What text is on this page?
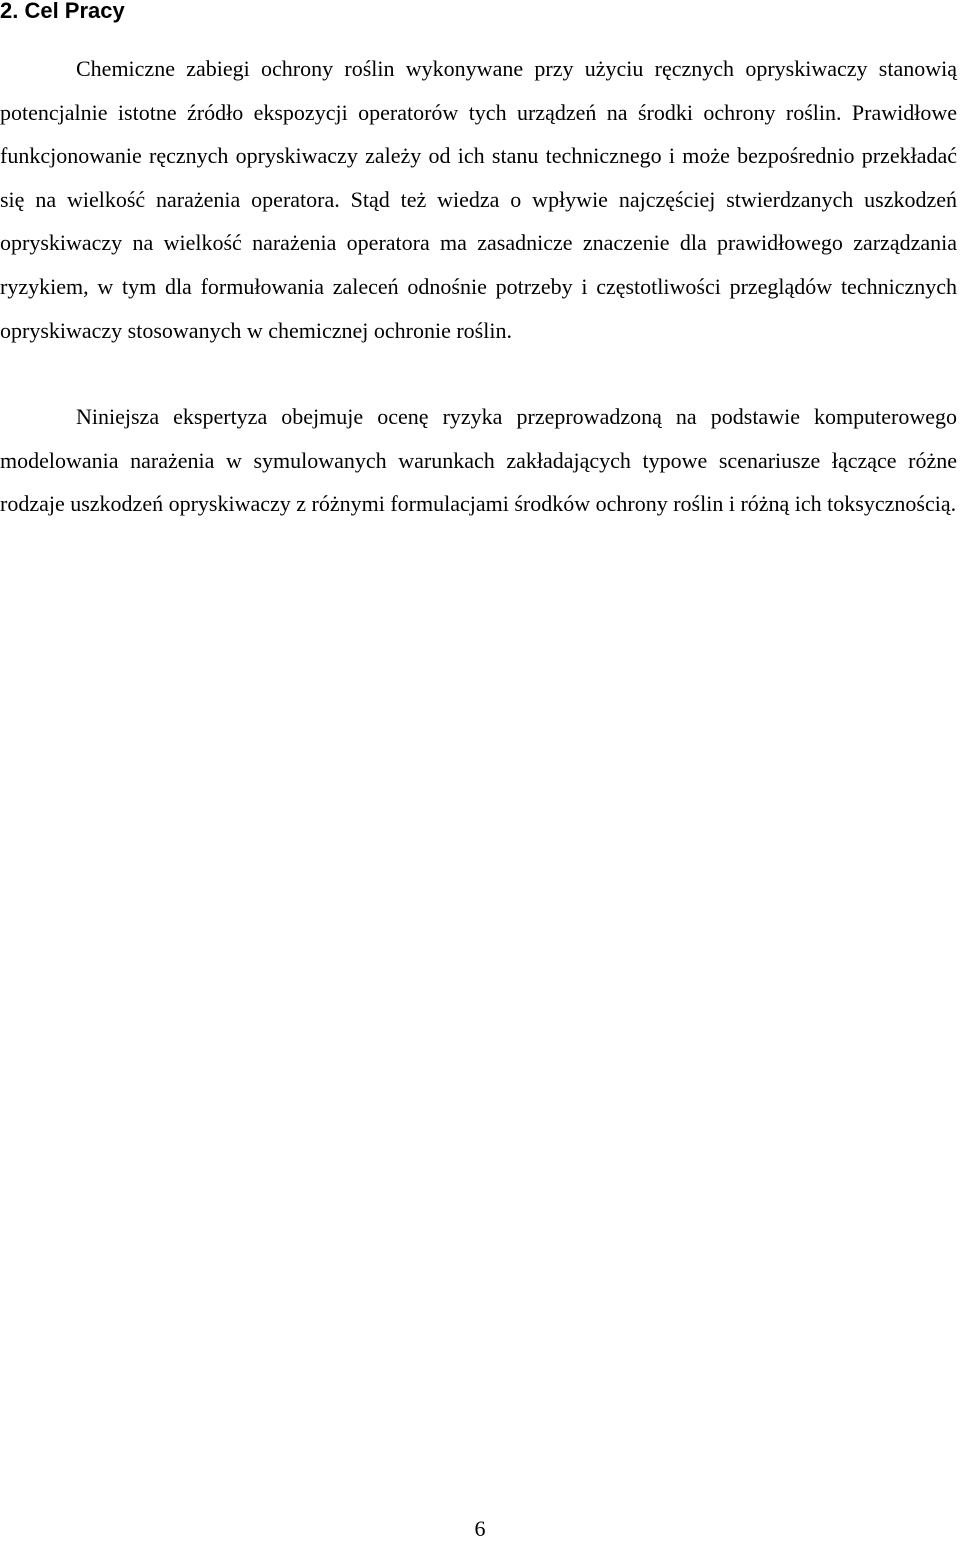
2. Cel Pracy

Chemiczne zabiegi ochrony roślin wykonywane przy użyciu ręcznych opryskiwaczy stanowią potencjalnie istotne źródło ekspozycji operatorów tych urządzeń na środki ochrony roślin. Prawidłowe funkcjonowanie ręcznych opryskiwaczy zależy od ich stanu technicznego i może bezpośrednio przekładać się na wielkość narażenia operatora. Stąd też wiedza o wpływie najczęściej stwierdzanych uszkodzeń opryskiwaczy na wielkość narażenia operatora ma zasadnicze znaczenie dla prawidłowego zarządzania ryzykiem, w tym dla formułowania zaleceń odnośnie potrzeby i częstotliwości przeglądów technicznych opryskiwaczy stosowanych w chemicznej ochronie roślin.

Niniejsza ekspertyza obejmuje ocenę ryzyka przeprowadzoną na podstawie komputerowego modelowania narażenia w symulowanych warunkach zakładających typowe scenariusze łączące różne rodzaje uszkodzeń opryskiwaczy z różnymi formulacjami środków ochrony roślin i różną ich toksycznością.

6
